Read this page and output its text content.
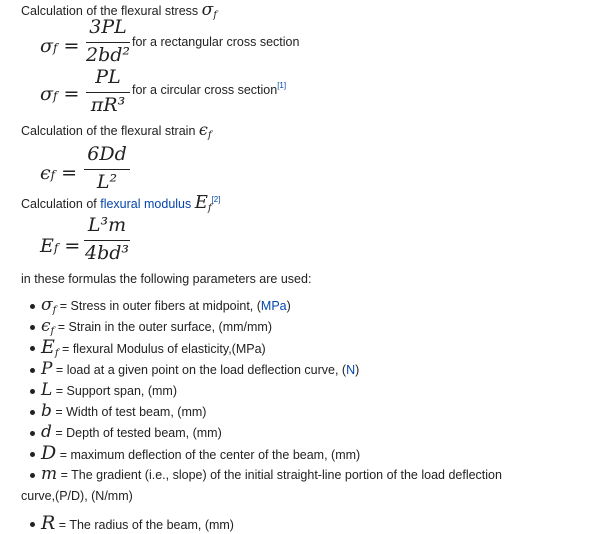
Calculation of the flexural stress $\sigma_f$
σf =
3PL
2bd²
for a rectangular cross section
σf =
PL
πR³
for a circular cross section[1]
Calculation of the flexural strain $\epsilon_f$
ϵf =
6Dd
L²
Calculation of flexural modulus $E_f[2]$
Ef =
L³m
4bd³
in these formulas the following parameters are used:
$\sigma_f$ = Stress in outer fibers at midpoint, (MPa)
$\epsilon_f$ = Strain in the outer surface, (mm/mm)
$E_f$ = flexural Modulus of elasticity,(MPa)
P = load at a given point on the load deflection curve, (N)
L = Support span, (mm)
b = Width of test beam, (mm)
d = Depth of tested beam, (mm)
D = maximum deflection of the center of the beam, (mm)
m = The gradient (i.e., slope) of the initial straight-line portion of the load deflection
curve,(P/D), (N/mm)
R = The radius of the beam, (mm)
